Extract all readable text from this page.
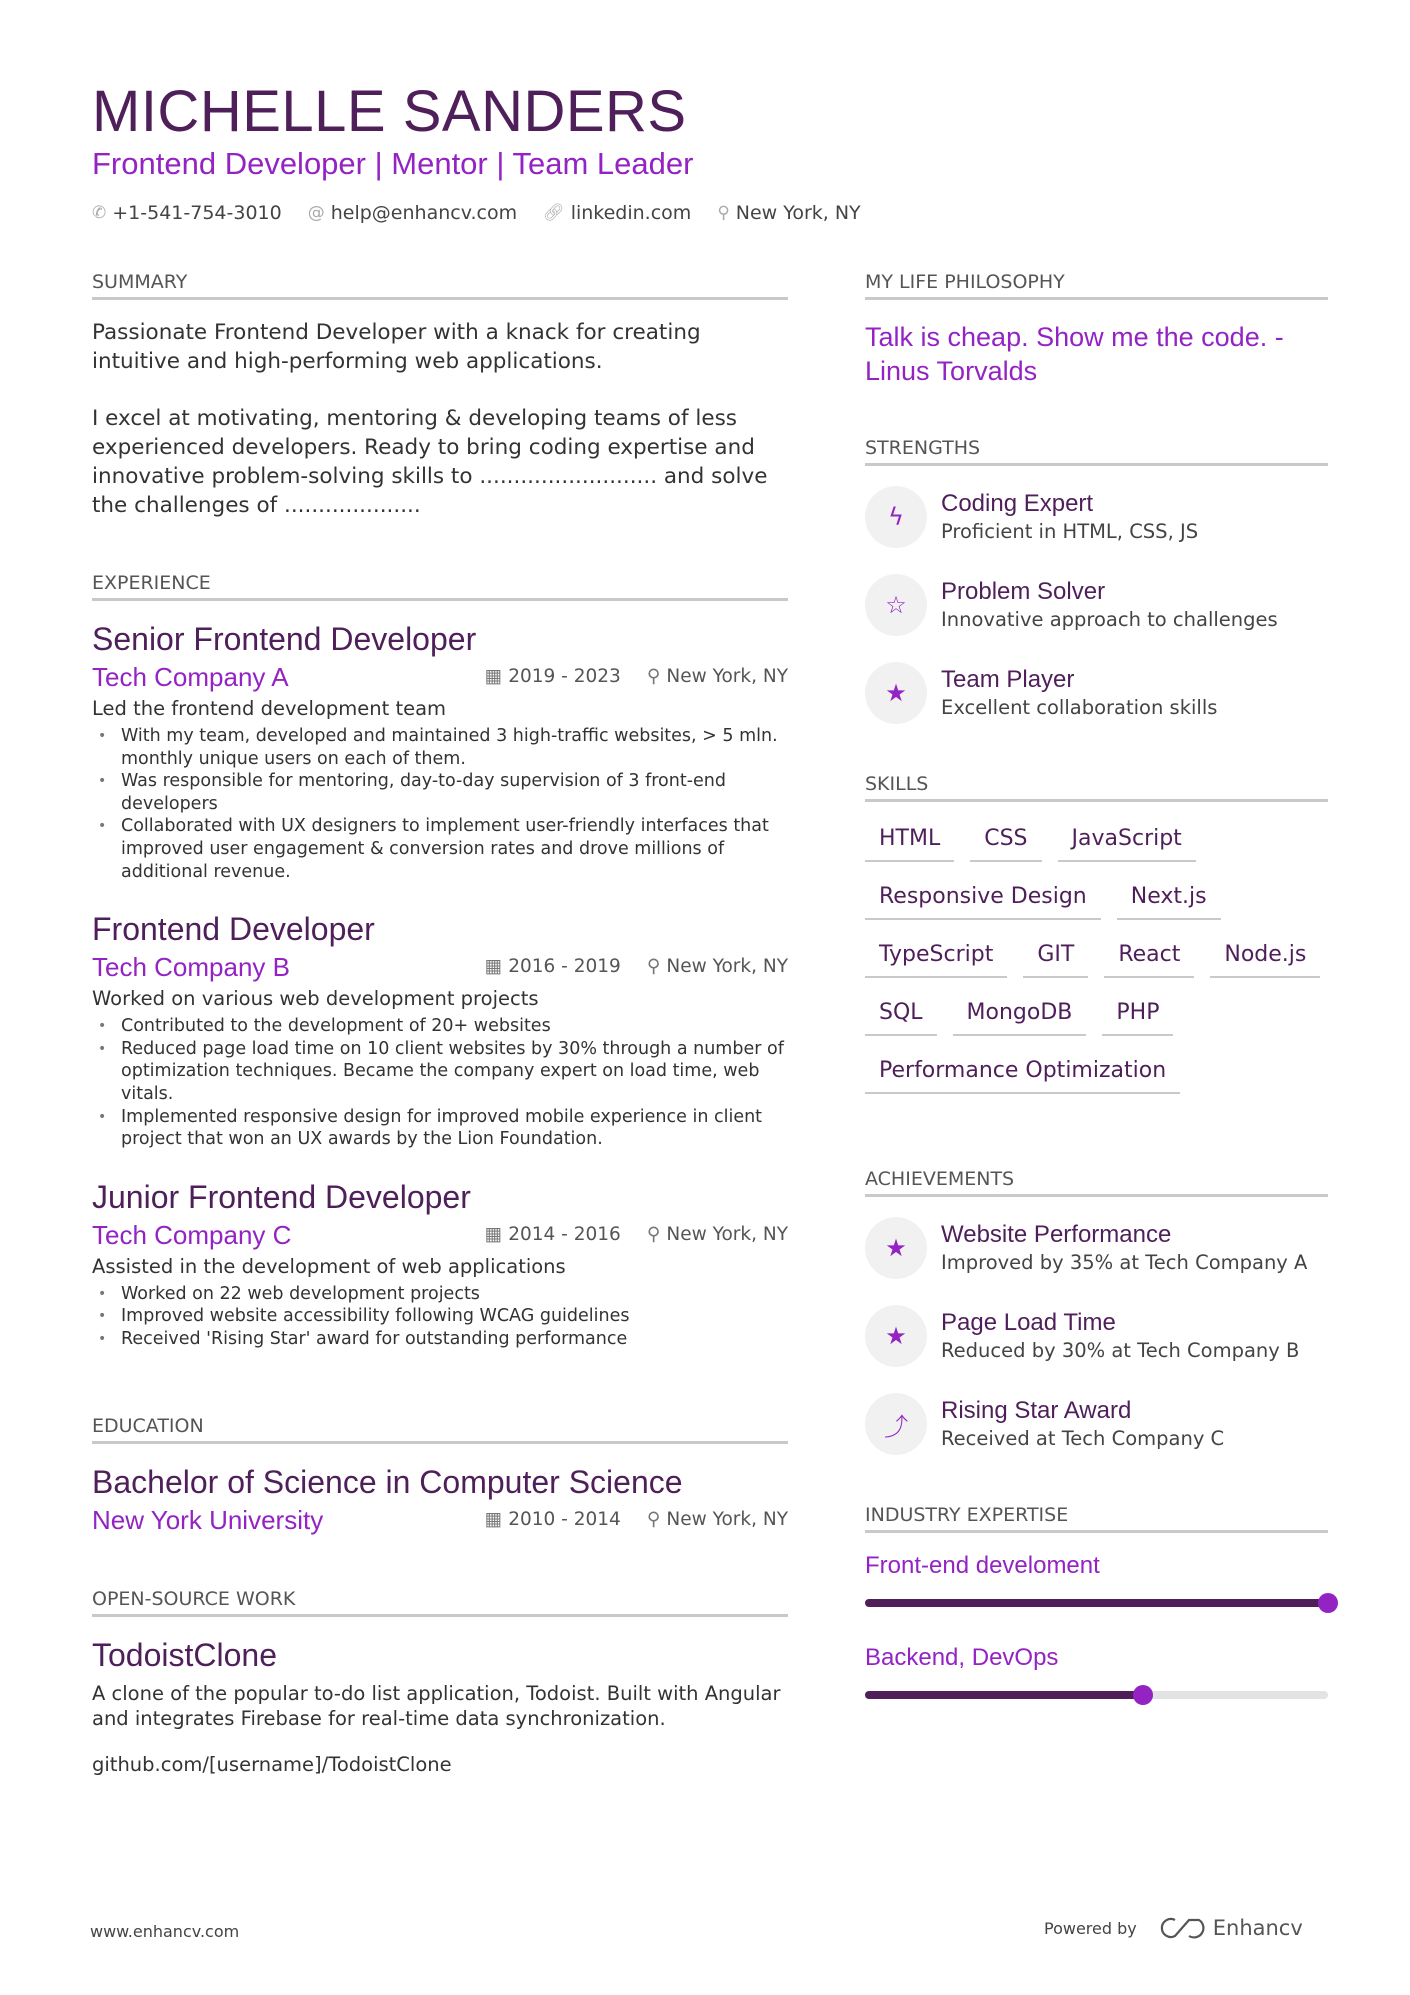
MICHELLE SANDERS
Frontend Developer | Mentor | Team Leader
✆ +1-541-754-3010 @ help@enhancv.com 🔗︎ linkedin.com ⚲ New York, NY
SUMMARY

Passionate Frontend Developer with a knack for creating intuitive and high-performing web applications.

I excel at motivating, mentoring & developing teams of less experienced developers. Ready to bring coding expertise and innovative problem-solving skills to .......................... and solve the challenges of ....................

EXPERIENCE
Senior Frontend Developer
Tech Company A	▦ 2019 - 2023 ⚲ New York, NY
Led the frontend development team
• With my team, developed and maintained 3 high-traffic websites, > 5 mln. monthly unique users on each of them.
• Was responsible for mentoring, day-to-day supervision of 3 front-end developers
• Collaborated with UX designers to implement user-friendly interfaces that improved user engagement & conversion rates and drove millions of additional revenue.
Frontend Developer
Tech Company B	▦ 2016 - 2019 ⚲ New York, NY
Worked on various web development projects
• Contributed to the development of 20+ websites
• Reduced page load time on 10 client websites by 30% through a number of optimization techniques. Became the company expert on load time, web vitals.
• Implemented responsive design for improved mobile experience in client project that won an UX awards by the Lion Foundation.
Junior Frontend Developer
Tech Company C	▦ 2014 - 2016 ⚲ New York, NY
Assisted in the development of web applications
• Worked on 22 web development projects
• Improved website accessibility following WCAG guidelines
• Received 'Rising Star' award for outstanding performance
EDUCATION
Bachelor of Science in Computer Science
New York University	▦ 2010 - 2014 ⚲ New York, NY
OPEN-SOURCE WORK
TodoistClone

A clone of the popular to-do list application, Todoist. Built with Angular and integrates Firebase for real-time data synchronization.

github.com/[username]/TodoistClone

MY LIFE PHILOSOPHY
Talk is cheap. Show me the code. - Linus Torvalds
STRENGTHS
ϟ	Coding Expert
Proficient in HTML, CSS, JS
☆	Problem Solver
Innovative approach to challenges
★	Team Player
Excellent collaboration skills
SKILLS
HTML	CSS	JavaScript
Responsive Design	Next.js
TypeScript	GIT	React	Node.js
SQL	MongoDB	PHP
Performance Optimization
ACHIEVEMENTS
★	Website Performance
Improved by 35% at Tech Company A
★	Page Load Time
Reduced by 30% at Tech Company B
⤴
Rising Star Award
Received at Tech Company C
INDUSTRY EXPERTISE
Front-end develoment
Backend, DevOps
www.enhancv.com	Powered by	Enhancv
